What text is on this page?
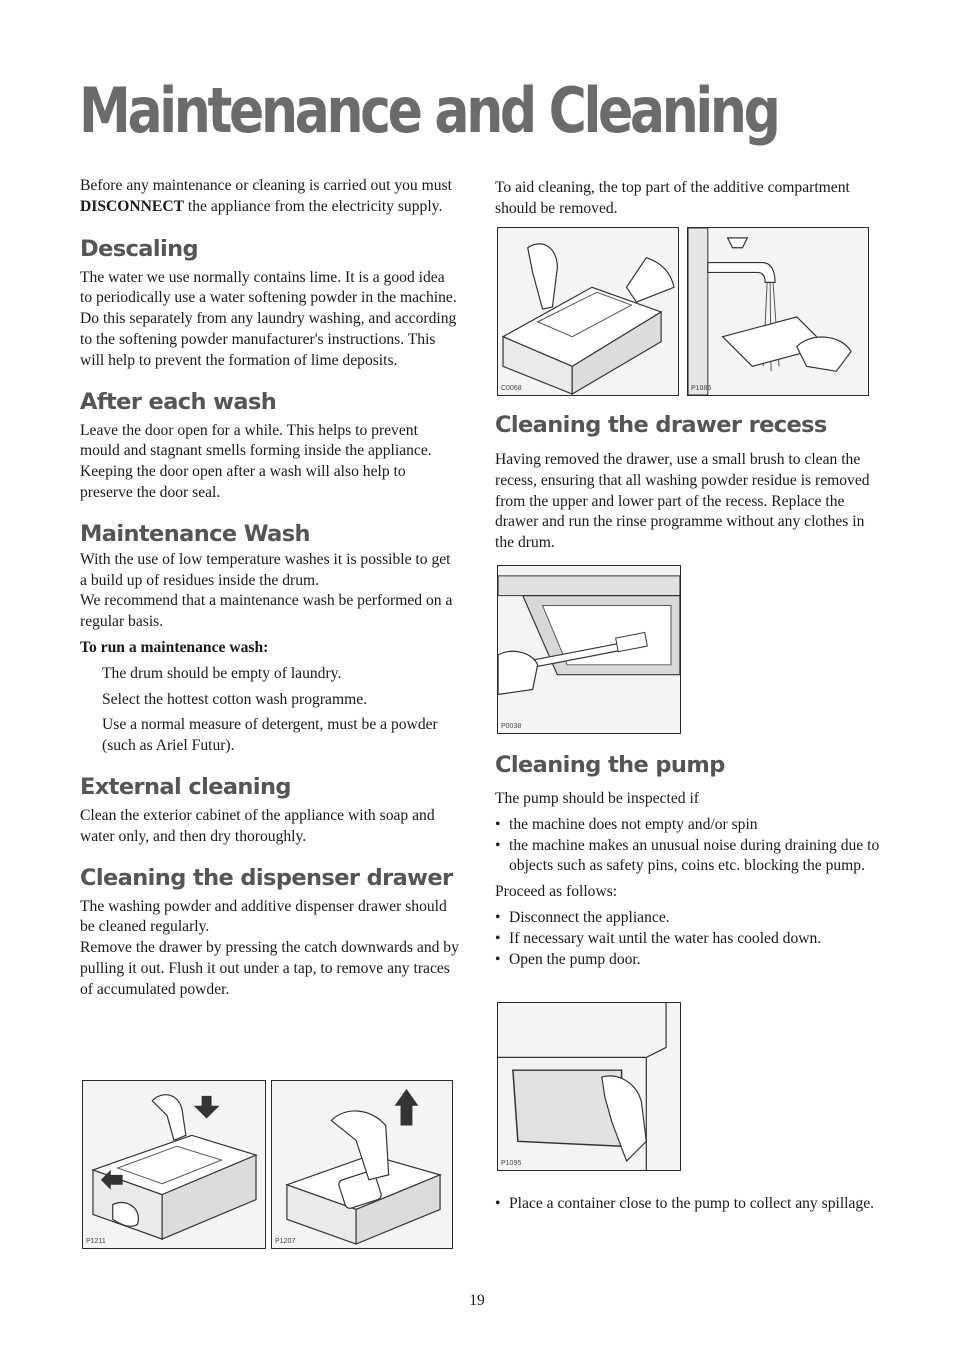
Maintenance and Cleaning

Before any maintenance or cleaning is carried out you must DISCONNECT the appliance from the electricity supply.

Descaling

The water we use normally contains lime. It is a good idea to periodically use a water softening powder in the machine. Do this separately from any laundry washing, and according to the softening powder manufacturer's instructions. This will help to prevent the formation of lime deposits.

After each wash

Leave the door open for a while. This helps to prevent mould and stagnant smells forming inside the appliance. Keeping the door open after a wash will also help to preserve the door seal.

Maintenance Wash

With the use of low temperature washes it is possible to get a build up of residues inside the drum.

We recommend that a maintenance wash be performed on a regular basis.

To run a maintenance wash:

The drum should be empty of laundry.

Select the hottest cotton wash programme.

Use a normal measure of detergent, must be a powder (such as Ariel Futur).

External cleaning

Clean the exterior cabinet of the appliance with soap and water only, and then dry thoroughly.

Cleaning the dispenser drawer

The washing powder and additive dispenser drawer should be cleaned regularly.

Remove the drawer by pressing the catch downwards and by pulling it out. Flush it out under a tap, to remove any traces of accumulated powder.

P1211	P1207

To aid cleaning, the top part of the additive compartment should be removed.

C0068	P1086
Cleaning the drawer recess

Having removed the drawer, use a small brush to clean the recess, ensuring that all washing powder residue is removed from the upper and lower part of the recess. Replace the drawer and run the rinse programme without any clothes in the drum.

P0038
Cleaning the pump

The pump should be inspected if

• the machine does not empty and/or spin
• the machine makes an unusual noise during draining due to objects such as safety pins, coins etc. blocking the pump.

Proceed as follows:

• Disconnect the appliance.
• If necessary wait until the water has cooled down.
• Open the pump door.
P1095
• Place a container close to the pump to collect any spillage.
19
